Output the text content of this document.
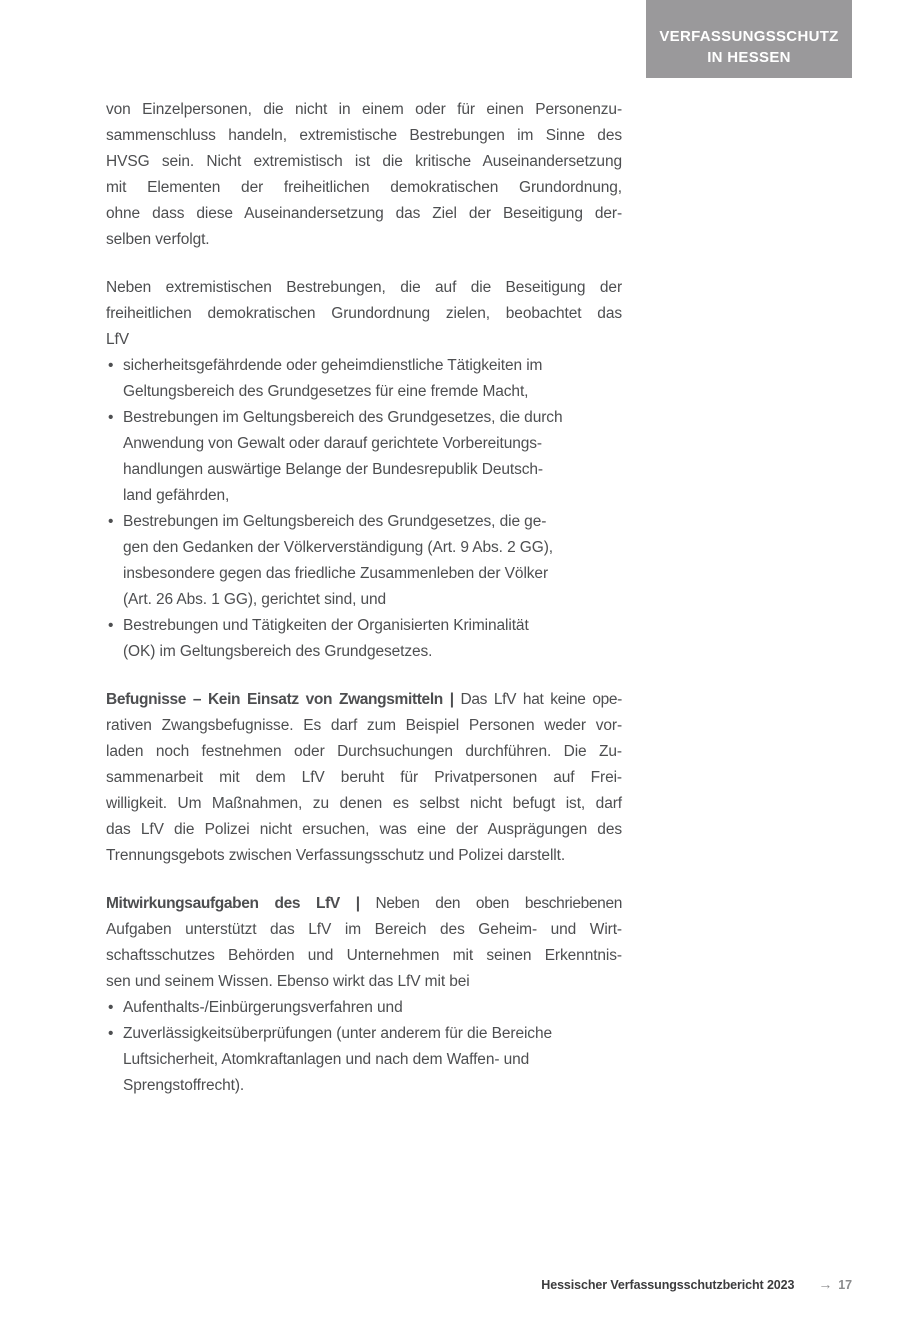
VERFASSUNGSSCHUTZ
IN HESSEN
von Einzelpersonen, die nicht in einem oder für einen Personenzu-
sammenschluss handeln, extremistische Bestrebungen im Sinne des
HVSG sein. Nicht extremistisch ist die kritische Auseinandersetzung
mit Elementen der freiheitlichen demokratischen Grundordnung,
ohne dass diese Auseinandersetzung das Ziel der Beseitigung der-
selben verfolgt.
Neben extremistischen Bestrebungen, die auf die Beseitigung der
freiheitlichen demokratischen Grundordnung zielen, beobachtet das
LfV
• sicherheitsgefährdende oder geheimdienstliche Tätigkeiten im
Geltungsbereich des Grundgesetzes für eine fremde Macht,
• Bestrebungen im Geltungsbereich des Grundgesetzes, die durch
Anwendung von Gewalt oder darauf gerichtete Vorbereitungs-
handlungen auswärtige Belange der Bundesrepublik Deutsch-
land gefährden,
• Bestrebungen im Geltungsbereich des Grundgesetzes, die ge-
gen den Gedanken der Völkerverständigung (Art. 9 Abs. 2 GG),
insbesondere gegen das friedliche Zusammenleben der Völker
(Art. 26 Abs. 1 GG), gerichtet sind, und
• Bestrebungen und Tätigkeiten der Organisierten Kriminalität
(OK) im Geltungsbereich des Grundgesetzes.
Befugnisse – Kein Einsatz von Zwangsmitteln | Das LfV hat keine ope-
rativen Zwangsbefugnisse. Es darf zum Beispiel Personen weder vor-
laden noch festnehmen oder Durchsuchungen durchführen. Die Zu-
sammenarbeit mit dem LfV beruht für Privatpersonen auf Frei-
willigkeit. Um Maßnahmen, zu denen es selbst nicht befugt ist, darf
das LfV die Polizei nicht ersuchen, was eine der Ausprägungen des
Trennungsgebots zwischen Verfassungsschutz und Polizei darstellt.
Mitwirkungsaufgaben des LfV | Neben den oben beschriebenen
Aufgaben unterstützt das LfV im Bereich des Geheim- und Wirt-
schaftsschutzes Behörden und Unternehmen mit seinen Erkenntnis-
sen und seinem Wissen. Ebenso wirkt das LfV mit bei
• Aufenthalts-/Einbürgerungsverfahren und
• Zuverlässigkeitsüberprüfungen (unter anderem für die Bereiche
Luftsicherheit, Atomkraftanlagen und nach dem Waffen- und
Sprengstoffrecht).
Hessischer Verfassungsschutzbericht 2023 → 17
